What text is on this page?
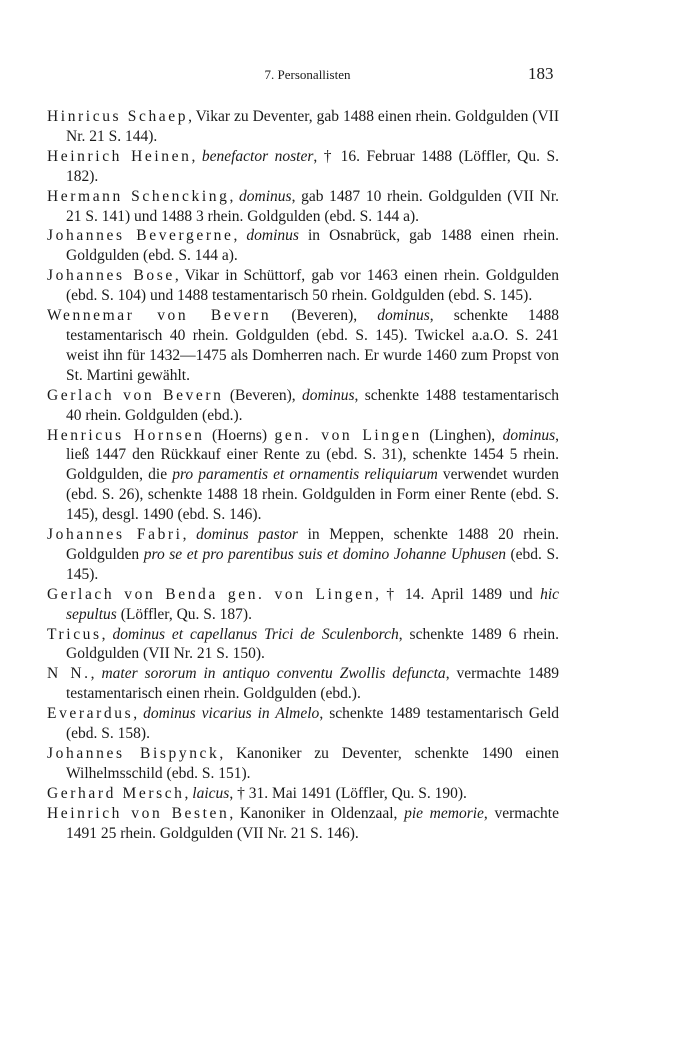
7. Personallisten	183

Hinricus Schaep, Vikar zu Deventer, gab 1488 einen rhein. Goldgulden (VII Nr. 21 S. 144).

Heinrich Heinen, benefactor noster, † 16. Februar 1488 (Löffler, Qu. S. 182).

Hermann Schencking, dominus, gab 1487 10 rhein. Goldgulden (VII Nr. 21 S. 141) und 1488 3 rhein. Goldgulden (ebd. S. 144 a).

Johannes Bevergerne, dominus in Osnabrück, gab 1488 einen rhein. Goldgulden (ebd. S. 144 a).

Johannes Bose, Vikar in Schüttorf, gab vor 1463 einen rhein. Goldgulden (ebd. S. 104) und 1488 testamentarisch 50 rhein. Goldgulden (ebd. S. 145).

Wennemar von Bevern (Beveren), dominus, schenkte 1488 testamentarisch 40 rhein. Goldgulden (ebd. S. 145). Twickel a.a.O. S. 241 weist ihn für 1432—1475 als Domherren nach. Er wurde 1460 zum Propst von St. Martini gewählt.

Gerlach von Bevern (Beveren), dominus, schenkte 1488 testamentarisch 40 rhein. Goldgulden (ebd.).

Henricus Hornsen (Hoerns) gen. von Lingen (Linghen), dominus, ließ 1447 den Rückkauf einer Rente zu (ebd. S. 31), schenkte 1454 5 rhein. Goldgulden, die pro paramentis et ornamentis reliquiarum verwendet wurden (ebd. S. 26), schenkte 1488 18 rhein. Goldgulden in Form einer Rente (ebd. S. 145), desgl. 1490 (ebd. S. 146).

Johannes Fabri, dominus pastor in Meppen, schenkte 1488 20 rhein. Goldgulden pro se et pro parentibus suis et domino Johanne Uphusen (ebd. S. 145).

Gerlach von Benda gen. von Lingen, † 14. April 1489 und hic sepultus (Löffler, Qu. S. 187).

Tricus, dominus et capellanus Trici de Sculenborch, schenkte 1489 6 rhein. Goldgulden (VII Nr. 21 S. 150).

N N., mater sororum in antiquo conventu Zwollis defuncta, vermachte 1489 testamentarisch einen rhein. Goldgulden (ebd.).

Everardus, dominus vicarius in Almelo, schenkte 1489 testamentarisch Geld (ebd. S. 158).

Johannes Bispynck, Kanoniker zu Deventer, schenkte 1490 einen Wilhelmsschild (ebd. S. 151).

Gerhard Mersch, laicus, † 31. Mai 1491 (Löffler, Qu. S. 190).

Heinrich von Besten, Kanoniker in Oldenzaal, pie memorie, vermachte 1491 25 rhein. Goldgulden (VII Nr. 21 S. 146).
